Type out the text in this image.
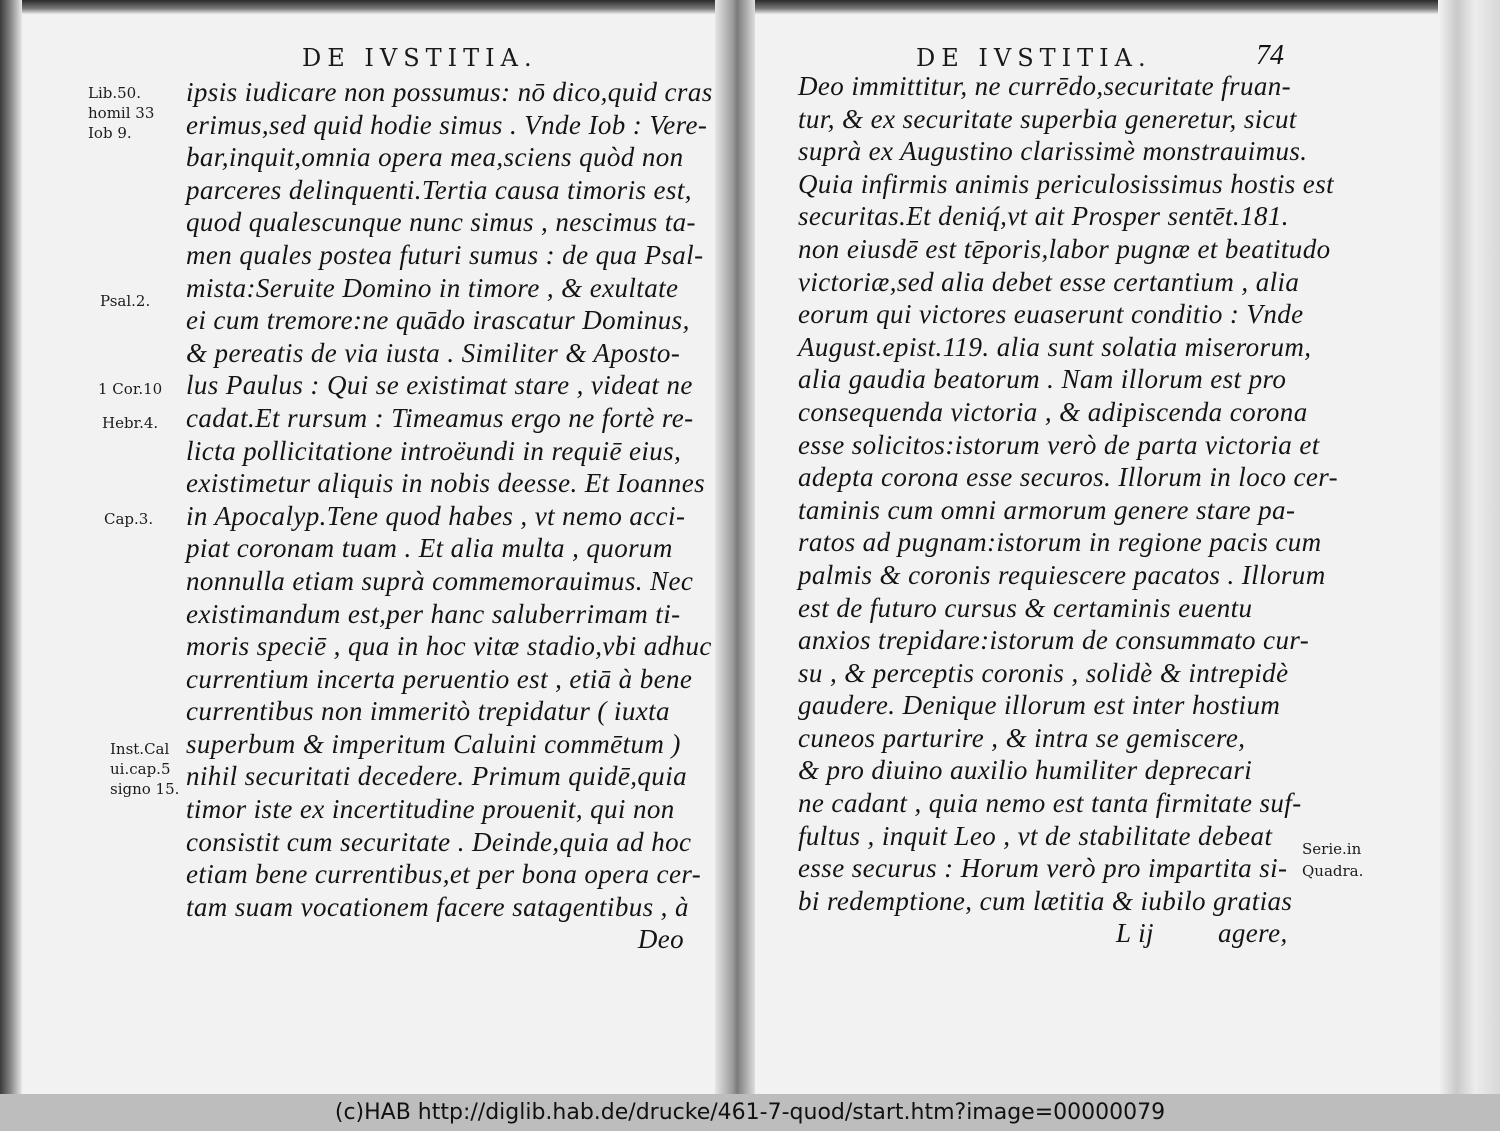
DE IVSTITIA.
Lib.50.
homil 33
Iob 9.
Psal.2.
1 Cor.10
Hebr.4.
Cap.3.
Inst.Cal
ui.cap.5
signo 15.
ipsis iudicare non possumus: nō dico,quid cras
erimus,sed quid hodie simus . Vnde Iob : Vere-
bar,inquit,omnia opera mea,sciens quòd non
parceres delinquenti.Tertia causa timoris est,
quod qualescunque nunc simus , nescimus ta-
men quales postea futuri sumus : de qua Psal-
mista:Seruite Domino in timore , & exultate
ei cum tremore:ne quādo irascatur Dominus,
& pereatis de via iusta . Similiter & Aposto-
lus Paulus : Qui se existimat stare , videat ne
cadat.Et rursum : Timeamus ergo ne fortè re-
licta pollicitatione introëundi in requiē eius,
existimetur aliquis in nobis deesse. Et Ioannes
in Apocalyp.Tene quod habes , vt nemo acci-
piat coronam tuam . Et alia multa , quorum
nonnulla etiam suprà commemorauimus. Nec
existimandum est,per hanc saluberrimam ti-
moris speciē , qua in hoc vitæ stadio,vbi adhuc
currentium incerta peruentio est , etiā à bene
currentibus non immeritò trepidatur ( iuxta
superbum & imperitum Caluini commētum )
nihil securitati decedere. Primum quidē,quia
timor iste ex incertitudine prouenit, qui non
consistit cum securitate . Deinde,quia ad hoc
etiam bene currentibus,et per bona opera cer-
tam suam vocationem facere satagentibus , à
Deo
DE IVSTITIA.	74
Deo immittitur, ne currēdo,securitate fruan-
tur, & ex securitate superbia generetur, sicut
suprà ex Augustino clarissimè monstrauimus.
Quia infirmis animis periculosissimus hostis est
securitas.Et deniq́,vt ait Prosper sentēt.181.
non eiusdē est tēporis,labor pugnæ et beatitudo
victoriæ,sed alia debet esse certantium , alia
eorum qui victores euaserunt conditio : Vnde
August.epist.119. alia sunt solatia miserorum,
alia gaudia beatorum . Nam illorum est pro
consequenda victoria , & adipiscenda corona
esse solicitos:istorum verò de parta victoria et
adepta corona esse securos. Illorum in loco cer-
taminis cum omni armorum genere stare pa-
ratos ad pugnam:istorum in regione pacis cum
palmis & coronis requiescere pacatos . Illorum
est de futuro cursus & certaminis euentu
anxios trepidare:istorum de consummato cur-
su , & perceptis coronis , solidè & intrepidè
gaudere. Denique illorum est inter hostium
cuneos parturire , & intra se gemiscere,
& pro diuino auxilio humiliter deprecari
ne cadant , quia nemo est tanta firmitate suf-
fultus , inquit Leo , vt de stabilitate debeat
esse securus : Horum verò pro impartita si-
bi redemptione, cum lætitia & iubilo gratias
L ij agere,
Serie.in
Quadra.
(c)HAB http://diglib.hab.de/drucke/461-7-quod/start.htm?image=00000079
